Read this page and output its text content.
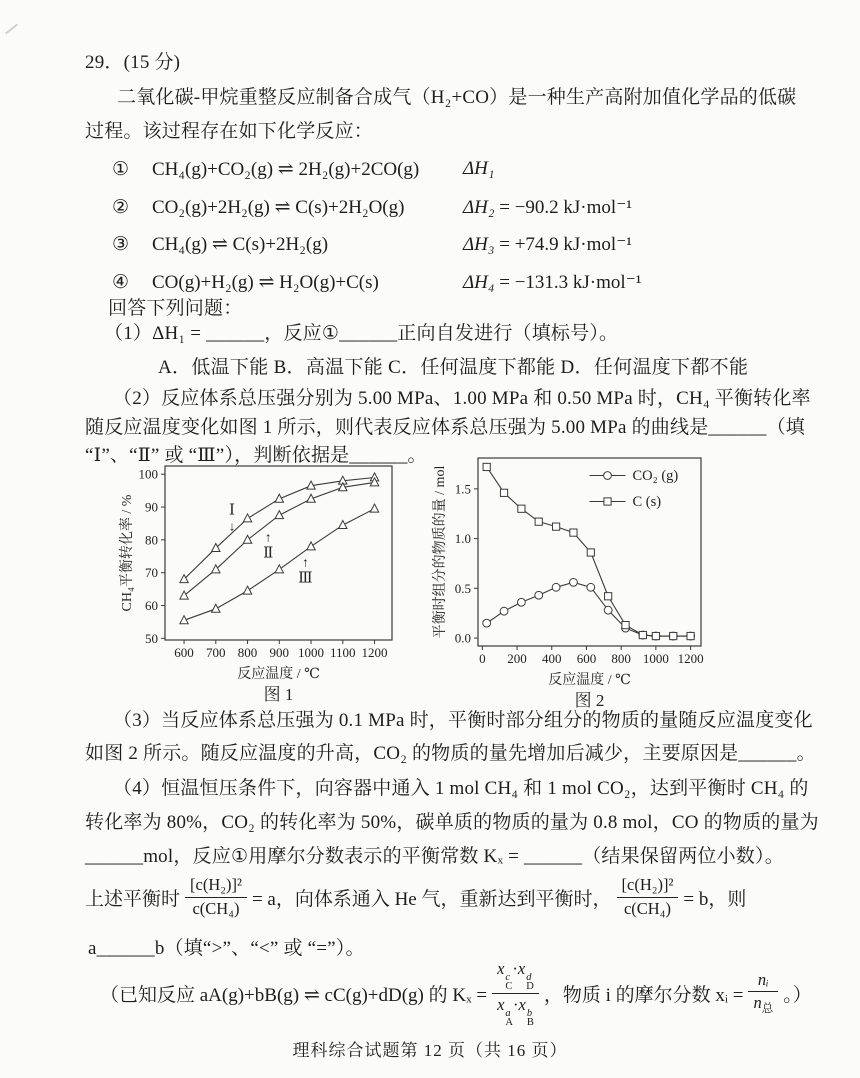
29．(15 分)
二氧化碳-甲烷重整反应制备合成气（H₂+CO）是一种生产高附加值化学品的低碳
过程。该过程存在如下化学反应：
① CH₄(g)+CO₂(g) ⇌ 2H₂(g)+2CO(g) ΔH₁
② CO₂(g)+2H₂(g) ⇌ C(s)+2H₂O(g)	ΔH₂ = −90.2 kJ·mol⁻¹
③ CH₄(g) ⇌ C(s)+2H₂(g)	ΔH₃ = +74.9 kJ·mol⁻¹
④ CO(g)+H₂(g) ⇌ H₂O(g)+C(s)	ΔH₄ = −131.3 kJ·mol⁻¹
回答下列问题：
（1）ΔH₁ = ______，反应①______正向自发进行（填标号）。
A．低温下能 B．高温下能 C．任何温度下都能 D．任何温度下都不能
（2）反应体系总压强分别为 5.00 MPa、1.00 MPa 和 0.50 MPa 时，CH₄ 平衡转化率
随反应温度变化如图 1 所示，则代表反应体系总压强为 5.00 MPa 的曲线是______（填
“Ⅰ”、“Ⅱ” 或 “Ⅲ”），判断依据是______。
600 700 800 900 1000 1100 1200
50
60
70
80
90
100
Ⅰ
↓
Ⅱ
↑
Ⅲ
↑
CH₄平衡转化率 / %
反应温度 / ℃
图 1
0 200 400 600 800 1000 1200
0.0
0.5
1.0
1.5
CO₂ (g)
C (s)
平衡时组分的物质的量 / mol
反应温度 / ℃
图 2
（3）当反应体系总压强为 0.1 MPa 时，平衡时部分组分的物质的量随反应温度变化
如图 2 所示。随反应温度的升高，CO₂ 的物质的量先增加后减少，主要原因是______。
（4）恒温恒压条件下，向容器中通入 1 mol CH₄ 和 1 mol CO₂，达到平衡时 CH₄ 的
转化率为 80%，CO₂ 的转化率为 50%，碳单质的物质的量为 0.8 mol，CO 的物质的量为
______mol，反应①用摩尔分数表示的平衡常数 Kₓ = ______（结果保留两位小数）。
上述平衡时 $\frac{\text{[c(H₂)]²}}{\text{c(CH₄)}} = a$，向体系通入 He 气，重新达到平衡时， $\frac{\text{[c(H₂)]²}}{\text{c(CH₄)}} = b$，则
a______b（填“>”、“<” 或 “=”）。
（已知反应 aA(g)+bB(g) ⇌ cC(g)+dD(g) 的 Kₓ = x c
C
·x d
D
x a
A
·x b
B ，物质 i 的摩尔分数 xᵢ = $\frac{\text{nᵢ}}{n_总}$ 。）
理科综合试题第 12 页（共 16 页）
